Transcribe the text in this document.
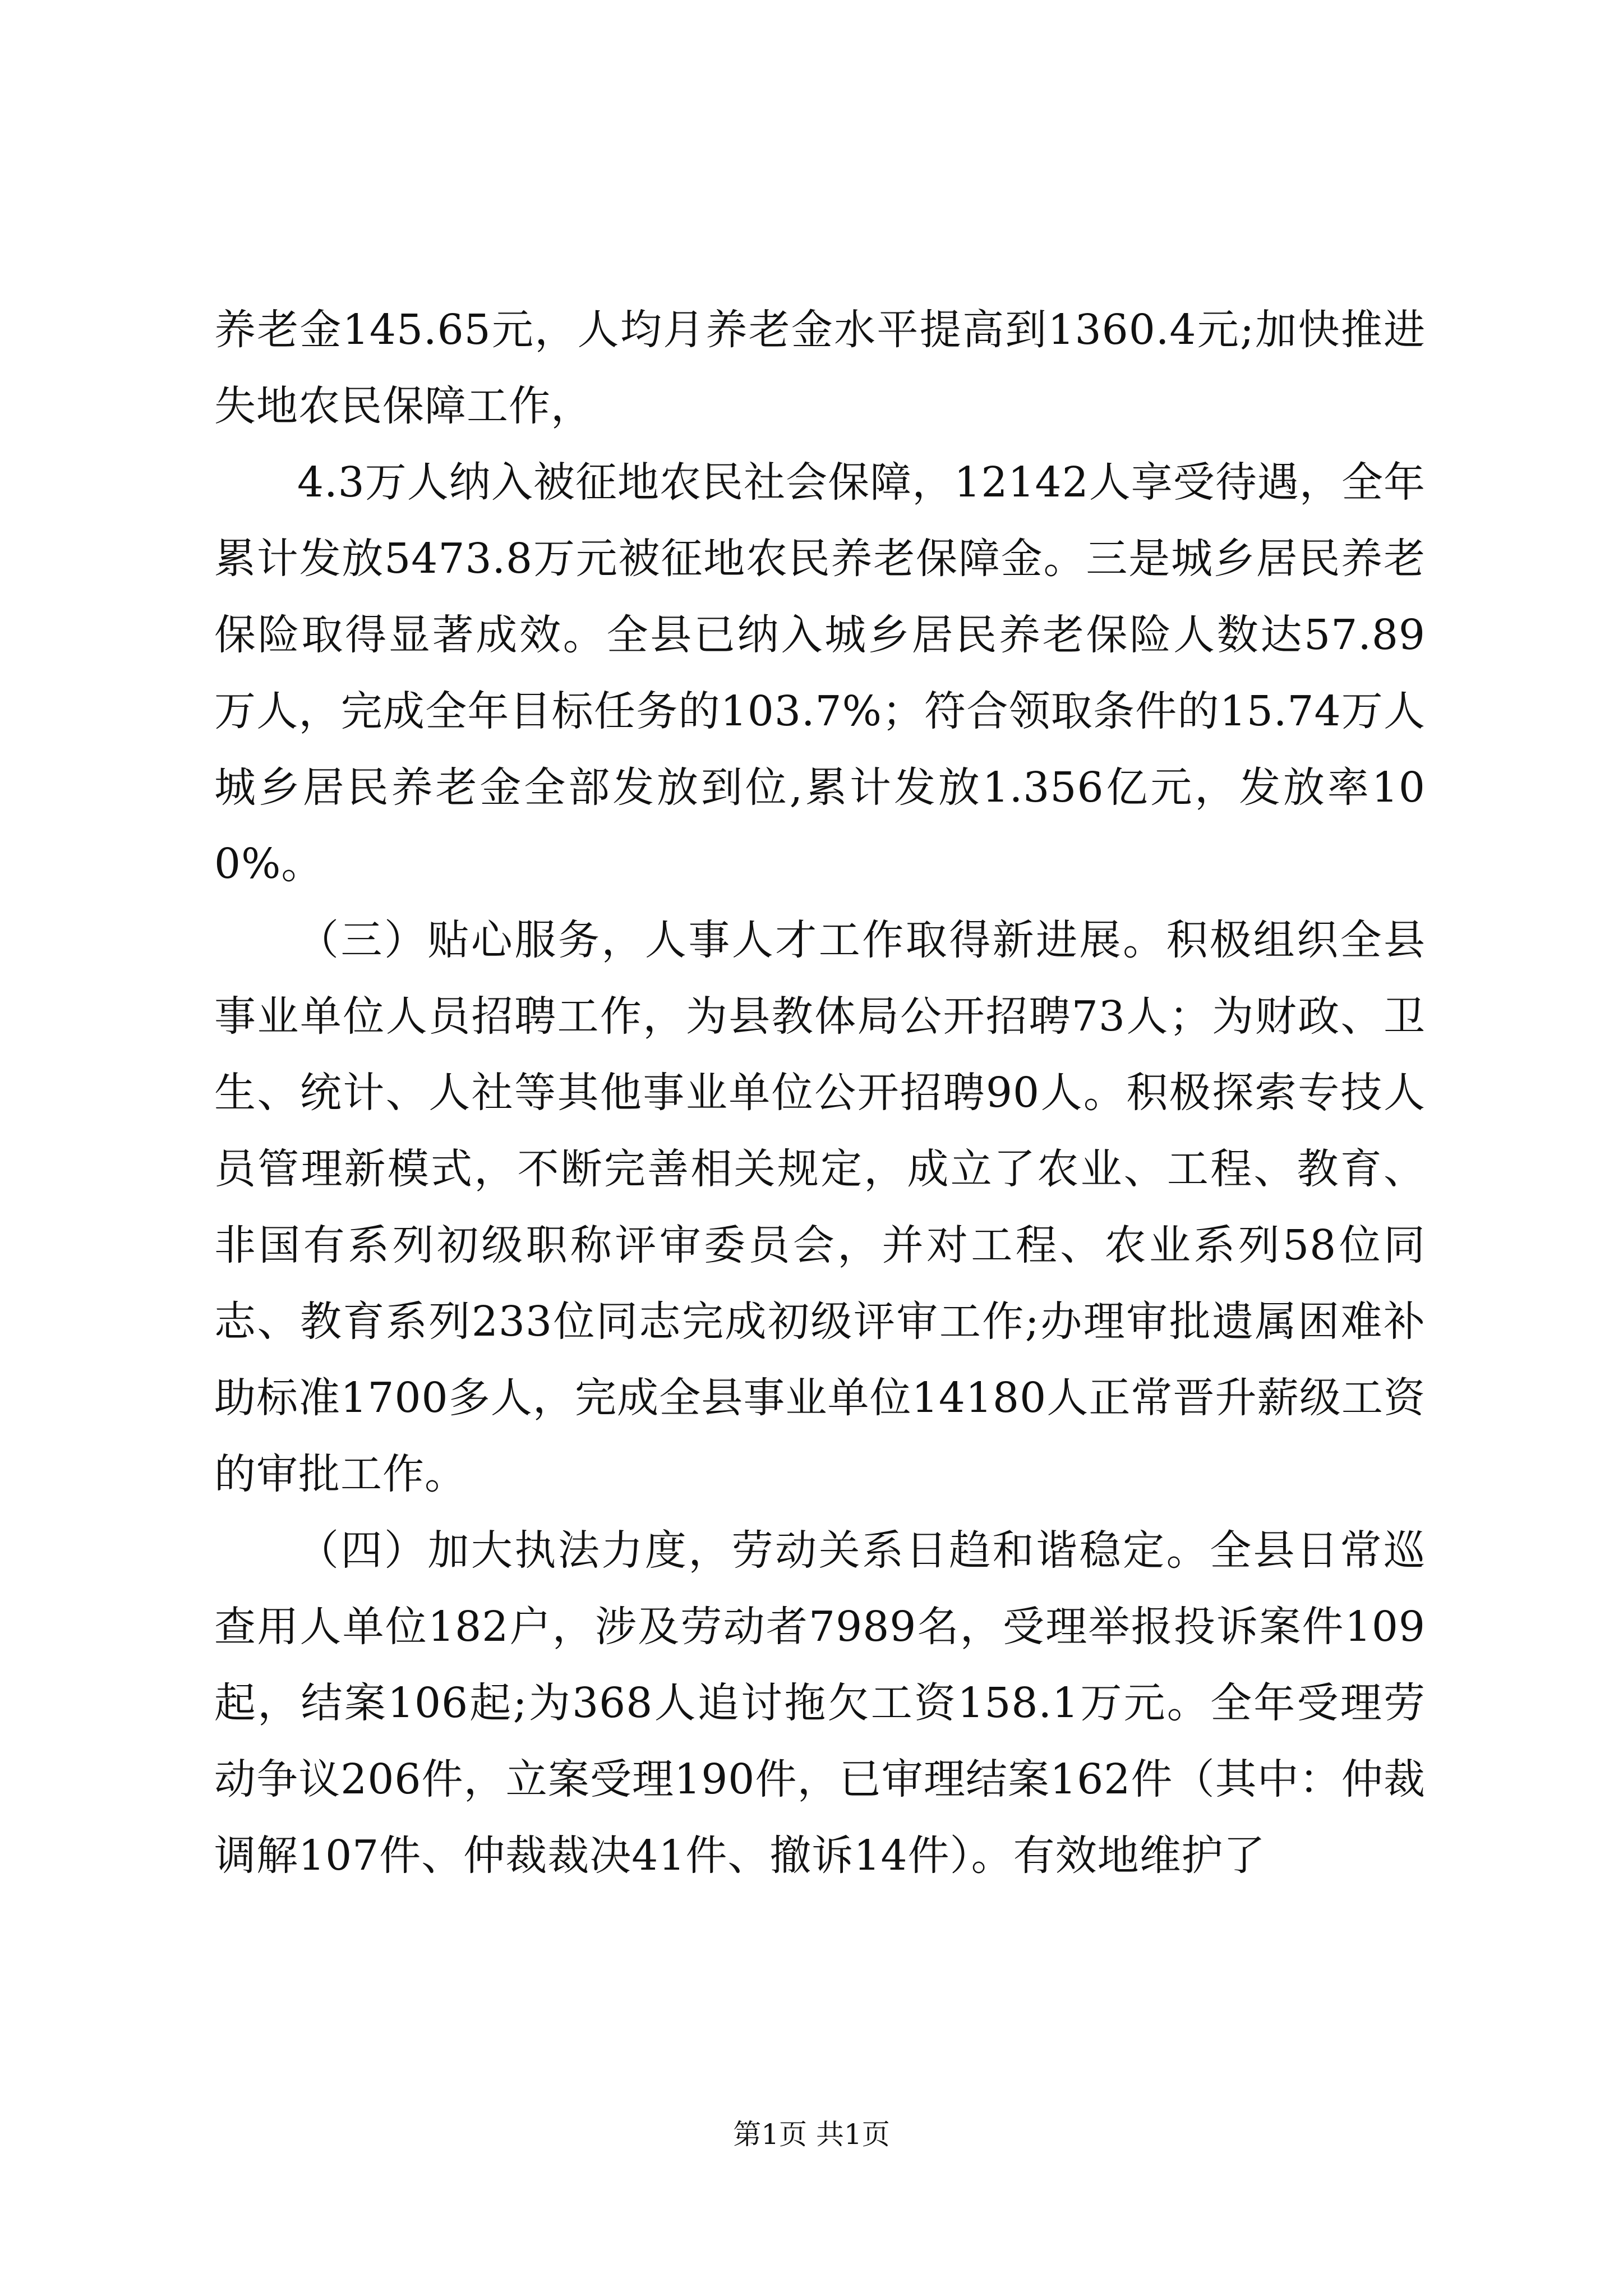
养老金145.65元，人均月养老金水平提高到1360.4元;加快推进失地农民保障工作，

4.3万人纳入被征地农民社会保障，12142人享受待遇，全年累计发放5473.8万元被征地农民养老保障金。三是城乡居民养老保险取得显著成效。全县已纳入城乡居民养老保险人数达57.89万人，完成全年目标任务的103.7%；符合领取条件的15.74万人城乡居民养老金全部发放到位,累计发放1.356亿元，发放率100%。

（三）贴心服务，人事人才工作取得新进展。积极组织全县事业单位人员招聘工作，为县教体局公开招聘73人；为财政、卫生、统计、人社等其他事业单位公开招聘90人。积极探索专技人员管理新模式，不断完善相关规定，成立了农业、工程、教育、非国有系列初级职称评审委员会，并对工程、农业系列58位同志、教育系列233位同志完成初级评审工作;办理审批遗属困难补助标准1700多人，完成全县事业单位14180人正常晋升薪级工资的审批工作。

（四）加大执法力度，劳动关系日趋和谐稳定。全县日常巡查用人单位182户，涉及劳动者7989名，受理举报投诉案件109起，结案106起;为368人追讨拖欠工资158.1万元。全年受理劳动争议206件，立案受理190件，已审理结案162件（其中：仲裁调解107件、仲裁裁决41件、撤诉14件）。有效地维护了

第1页 共1页
